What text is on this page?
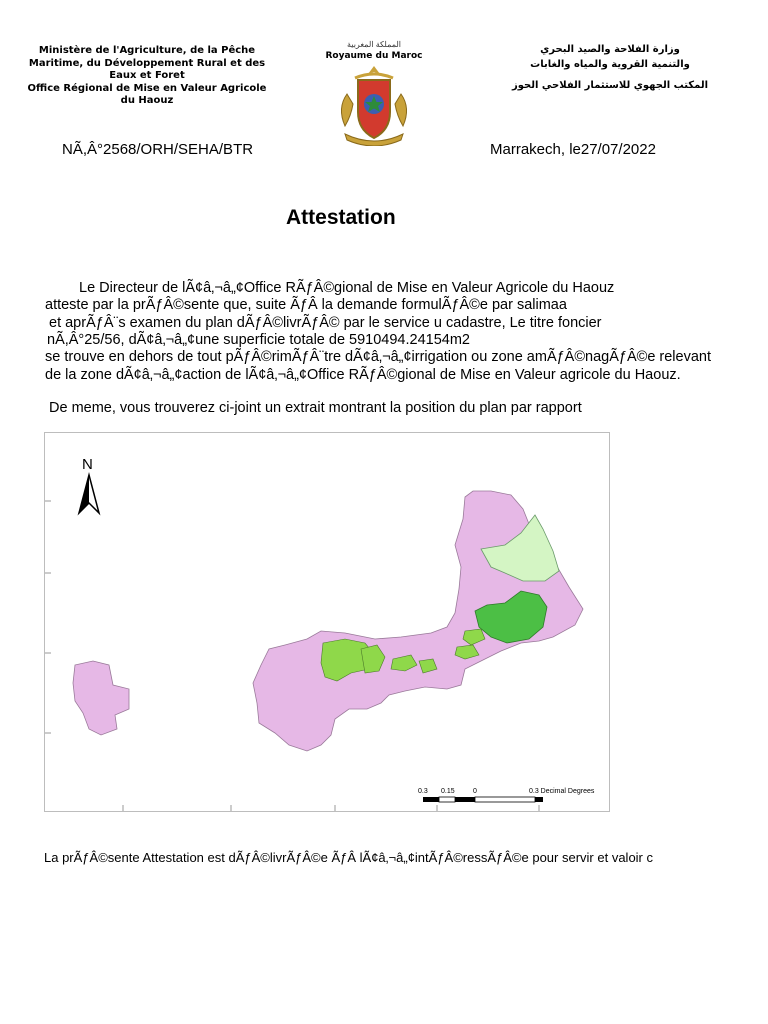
Ministère de l'Agriculture, de la Pêche
Maritime, du Développement Rural et des
Eaux et Foret
Office Régional de Mise en Valeur Agricole
du Haouz
المملكة المغربية
Royaume du Maroc
وزارة الفلاحة والصيد البحري
والتنمية القروية والمياه والغابات
المكتب الجهوي للاستثمار الفلاحي الحوز
NÃ,Â°2568/ORH/SEHA/BTR	Marrakech, le27/07/2022
Attestation
Le Directeur de lÃ¢â‚¬â„¢Office RÃƒÂ©gional de Mise en Valeur Agricole du Haouz
atteste par la prÃƒÂ©sente que, suite ÃƒÂ la demande formulÃƒÂ©e par salimaa
et aprÃƒÂ¨s examen du plan dÃƒÂ©livrÃƒÂ© par le service u cadastre, Le titre foncier
nÃ,Â°25/56, dÃ¢â‚¬â„¢une superficie totale de 5910494.24154m2
se trouve en dehors de tout pÃƒÂ©rimÃƒÂ¨tre dÃ¢â‚¬â„¢irrigation ou zone amÃƒÂ©nagÃƒÂ©e relevant
de la zone dÃ¢â‚¬â„¢action de lÃ¢â‚¬â„¢Office RÃƒÂ©gional de Mise en Valeur agricole du Haouz.
De meme, vous trouverez ci-joint un extrait montrant la position du plan par rapport
N
0.3 0.15	0	0.3 Decimal Degrees
La prÃƒÂ©sente Attestation est dÃƒÂ©livrÃƒÂ©e ÃƒÂ lÃ¢â‚¬â„¢intÃƒÂ©ressÃƒÂ©e pour servir et valoir c
